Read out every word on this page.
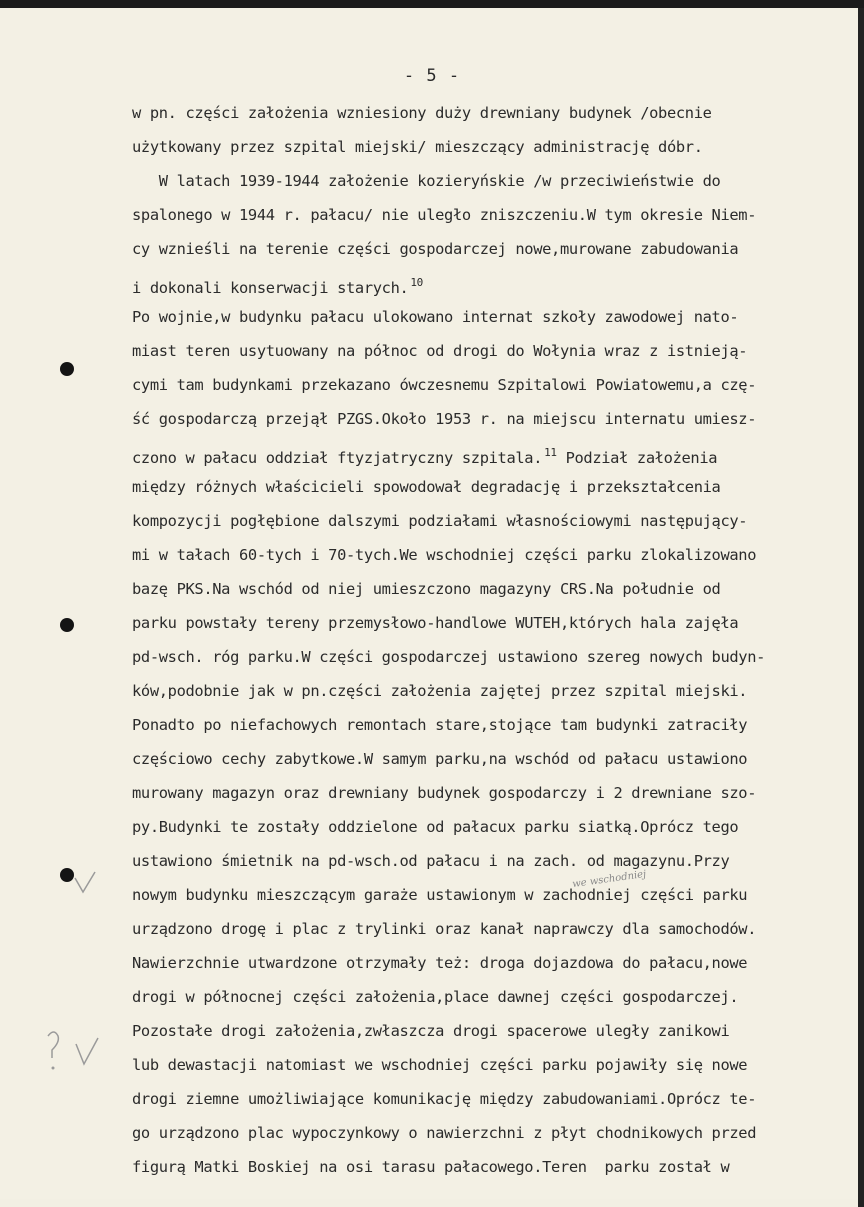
- 5 -
w pn. części założenia wzniesiony duży drewniany budynek /obecnie
użytkowany przez szpital miejski/ mieszczący administrację dóbr.
W latach 1939-1944 założenie kozieryńskie /w przeciwieństwie do
spalonego w 1944 r. pałacu/ nie uległo zniszczeniu.W tym okresie Niem-
cy wznieśli na terenie części gospodarczej nowe,murowane zabudowania
i dokonali konserwacji starych. $^{10}$
Po wojnie,w budynku pałacu ulokowano internat szkoły zawodowej nato-
miast teren usytuowany na północ od drogi do Wołynia wraz z istnieją-
cymi tam budynkami przekazano ówczesnemu Szpitalowi Powiatowemu,a czę-
ść gospodarczą przejął PZGS.Około 1953 r. na miejscu internatu umiesz-
czono w pałacu oddział ftyzjatryczny szpitala. $^{11}$ Podział założenia
między różnych właścicieli spowodował degradację i przekształcenia
kompozycji pogłębione dalszymi podziałami własnościowymi następujący-
mi w tałach 60-tych i 70-tych.We wschodniej części parku zlokalizowano
bazę PKS.Na wschód od niej umieszczono magazyny CRS.Na południe od
parku powstały tereny przemysłowo-handlowe WUTEH,których hala zajęła
pd-wsch. róg parku.W części gospodarczej ustawiono szereg nowych budyn-
ków,podobnie jak w pn.części założenia zajętej przez szpital miejski.
Ponadto po niefachowych remontach stare,stojące tam budynki zatraciły
częściowo cechy zabytkowe.W samym parku,na wschód od pałacu ustawiono
murowany magazyn oraz drewniany budynek gospodarczy i 2 drewniane szo-
py.Budynki te zostały oddzielone od pałacux parku siatką.Oprócz tego
ustawiono śmietnik na pd-wsch.od pałacu i na zach. od magazynu.Przy
nowym budynku mieszczącym garaże ustawionym w zachodniej części parku
urządzono drogę i plac z trylinki oraz kanał naprawczy dla samochodów.
Nawierzchnie utwardzone otrzymały też: droga dojazdowa do pałacu,nowe
drogi w północnej części założenia,place dawnej części gospodarczej.
Pozostałe drogi założenia,zwłaszcza drogi spacerowe uległy zanikowi
lub dewastacji natomiast we wschodniej części parku pojawiły się nowe
drogi ziemne umożliwiające komunikację między zabudowaniami.Oprócz te-
go urządzono plac wypoczynkowy o nawierzchni z płyt chodnikowych przed
figurą Matki Boskiej na osi tarasu pałacowego.Teren  parku został w
we wschodniej
